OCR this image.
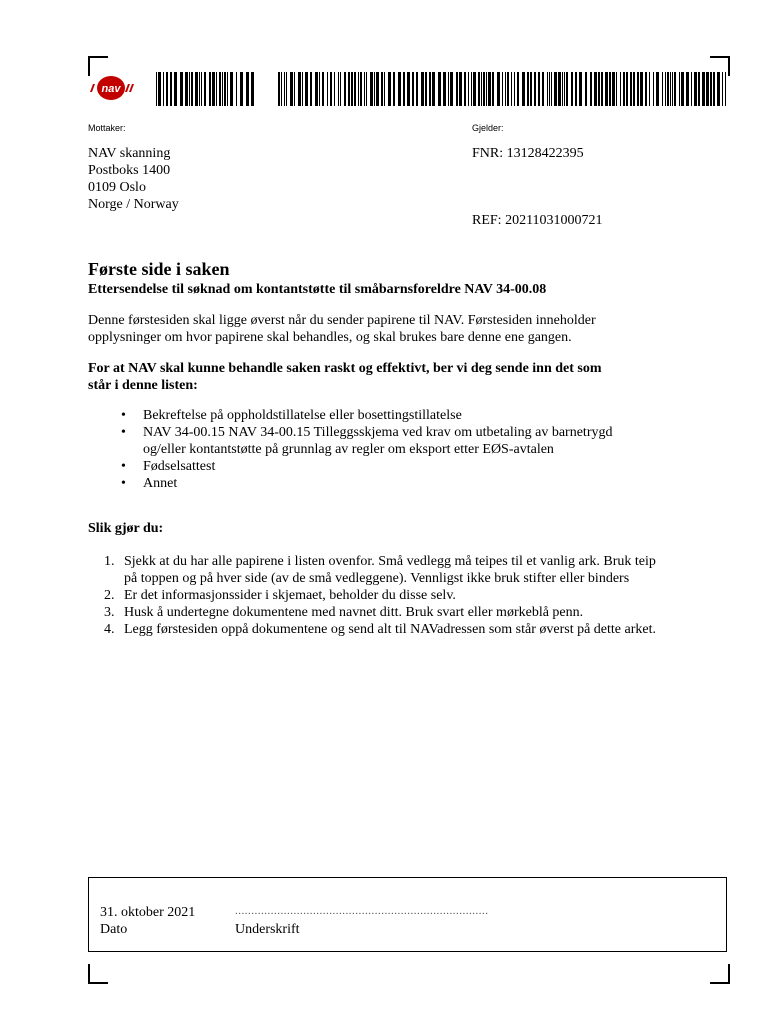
nav
Mottaker:	Gjelder:
NAV skanning
Postboks 1400
0109 Oslo
Norge / Norway
FNR: 13128422395
REF: 20211031000721
Første side i saken
Ettersendelse til søknad om kontantstøtte til småbarnsforeldre NAV 34-00.08
Denne førstesiden skal ligge øverst når du sender papirene til NAV. Førstesiden inneholder
opplysninger om hvor papirene skal behandles, og skal brukes bare denne ene gangen.
For at NAV skal kunne behandle saken raskt og effektivt, ber vi deg sende inn det som
står i denne listen:
• Bekreftelse på oppholdstillatelse eller bosettingstillatelse
• NAV 34-00.15 NAV 34-00.15 Tilleggsskjema ved krav om utbetaling av barnetrygd
og/eller kontantstøtte på grunnlag av regler om eksport etter EØS-avtalen
• Fødselsattest
• Annet
Slik gjør du:
1. Sjekk at du har alle papirene i listen ovenfor. Små vedlegg må teipes til et vanlig ark. Bruk teip
på toppen og på hver side (av de små vedleggene). Vennligst ikke bruk stifter eller binders
2. Er det informasjonssider i skjemaet, beholder du disse selv.
3. Husk å undertegne dokumentene med navnet ditt. Bruk svart eller mørkeblå penn.
4. Legg førstesiden oppå dokumentene og send alt til NAVadressen som står øverst på dette arket.
31. oktober 2021
Dato
..............................................................................
Underskrift
